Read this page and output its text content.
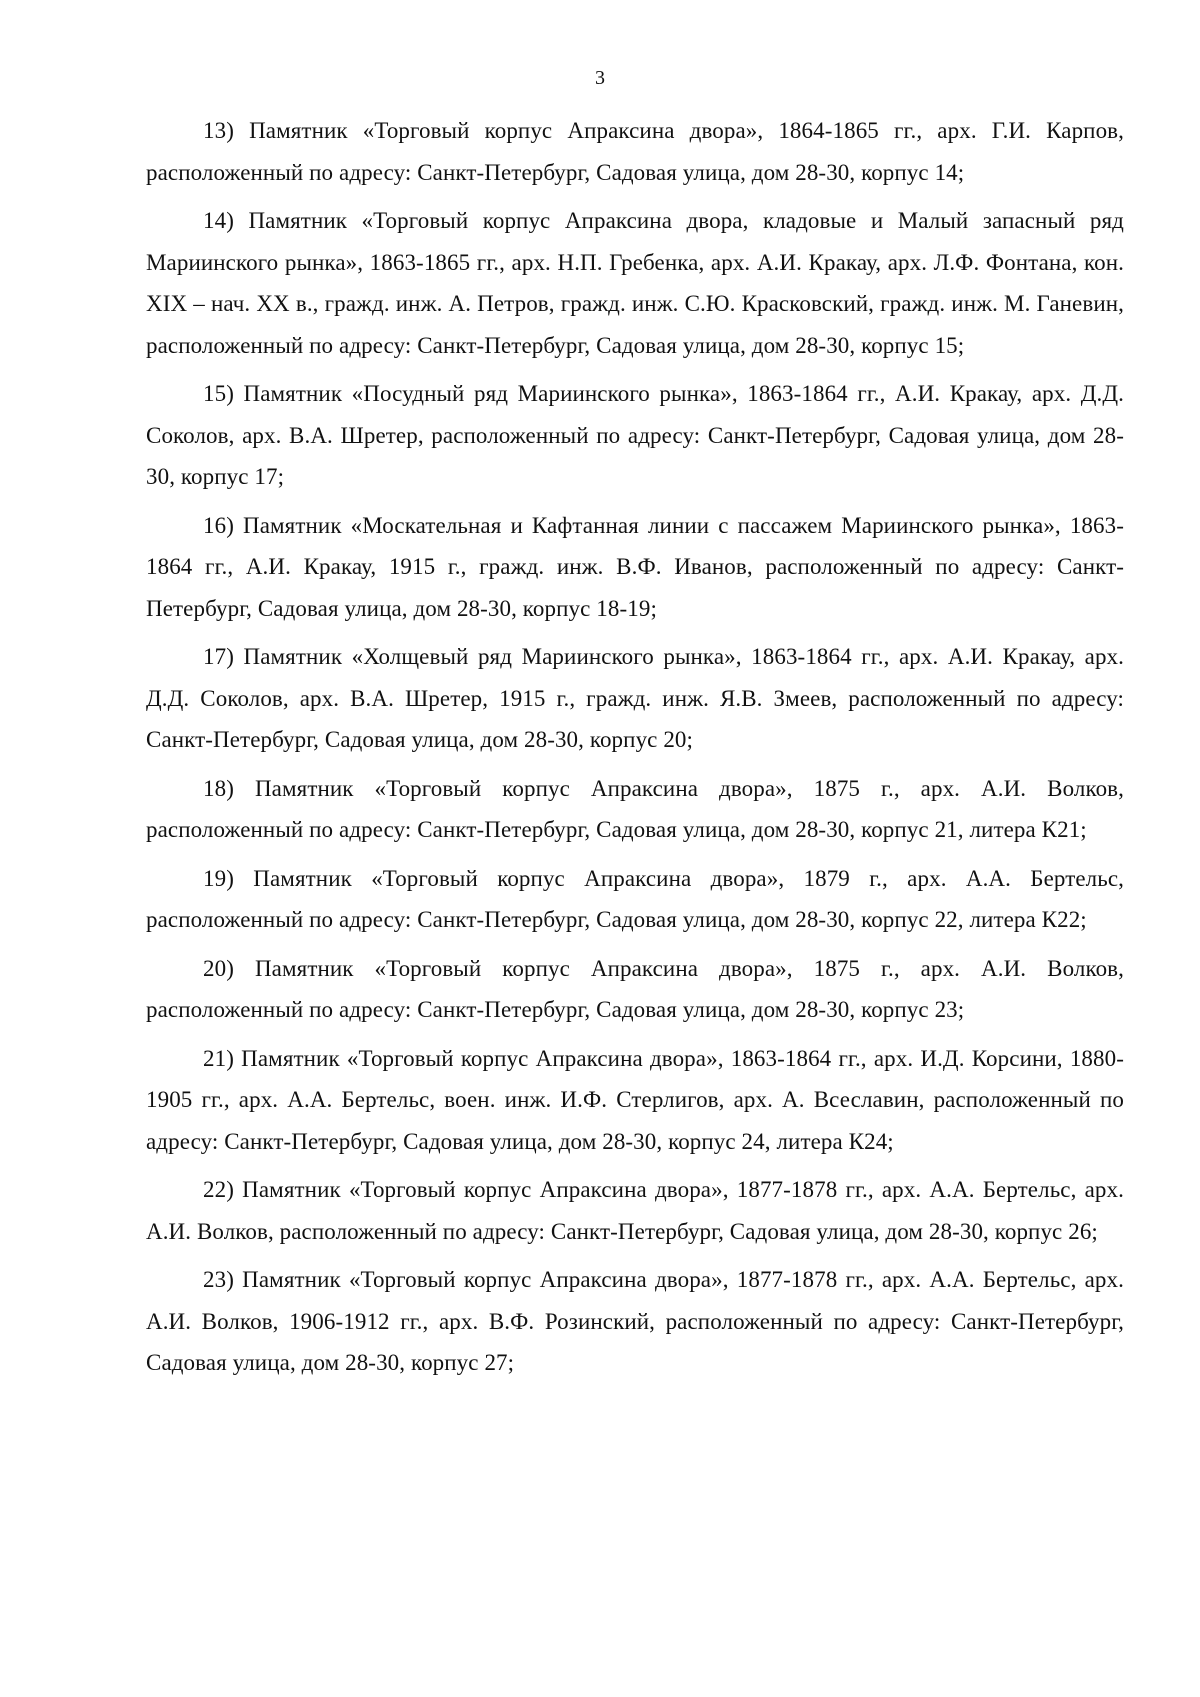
3

13) Памятник «Торговый корпус Апраксина двора», 1864-1865 гг., арх. Г.И. Карпов, расположенный по адресу: Санкт-Петербург, Садовая улица, дом 28-30, корпус 14;

14) Памятник «Торговый корпус Апраксина двора, кладовые и Малый запасный ряд Мариинского рынка», 1863-1865 гг., арх. Н.П. Гребенка, арх. А.И. Кракау, арх. Л.Ф. Фонтана, кон. XIX – нач. XX в., гражд. инж. А. Петров, гражд. инж. С.Ю. Красковский, гражд. инж. М. Ганевин, расположенный по адресу: Санкт-Петербург, Садовая улица, дом 28-30, корпус 15;

15) Памятник «Посудный ряд Мариинского рынка», 1863-1864 гг., А.И. Кракау, арх. Д.Д. Соколов, арх. В.А. Шретер, расположенный по адресу: Санкт-Петербург, Садовая улица, дом 28-30, корпус 17;

16) Памятник «Москательная и Кафтанная линии с пассажем Мариинского рынка», 1863-1864 гг., А.И. Кракау, 1915 г., гражд. инж. В.Ф. Иванов, расположенный по адресу: Санкт-Петербург, Садовая улица, дом 28-30, корпус 18-19;

17) Памятник «Холщевый ряд Мариинского рынка», 1863-1864 гг., арх. А.И. Кракау, арх. Д.Д. Соколов, арх. В.А. Шретер, 1915 г., гражд. инж. Я.В. Змеев, расположенный по адресу: Санкт-Петербург, Садовая улица, дом 28-30, корпус 20;

18) Памятник «Торговый корпус Апраксина двора», 1875 г., арх. А.И. Волков, расположенный по адресу: Санкт-Петербург, Садовая улица, дом 28-30, корпус 21, литера К21;

19) Памятник «Торговый корпус Апраксина двора», 1879 г., арх. А.А. Бертельс, расположенный по адресу: Санкт-Петербург, Садовая улица, дом 28-30, корпус 22, литера К22;

20) Памятник «Торговый корпус Апраксина двора», 1875 г., арх. А.И. Волков, расположенный по адресу: Санкт-Петербург, Садовая улица, дом 28-30, корпус 23;

21) Памятник «Торговый корпус Апраксина двора», 1863-1864 гг., арх. И.Д. Корсини, 1880-1905 гг., арх. А.А. Бертельс, воен. инж. И.Ф. Стерлигов, арх. А. Всеславин, расположенный по адресу: Санкт-Петербург, Садовая улица, дом 28-30, корпус 24, литера К24;

22) Памятник «Торговый корпус Апраксина двора», 1877-1878 гг., арх. А.А. Бертельс, арх. А.И. Волков, расположенный по адресу: Санкт-Петербург, Садовая улица, дом 28-30, корпус 26;

23) Памятник «Торговый корпус Апраксина двора», 1877-1878 гг., арх. А.А. Бертельс, арх. А.И. Волков, 1906-1912 гг., арх. В.Ф. Розинский, расположенный по адресу: Санкт-Петербург, Садовая улица, дом 28-30, корпус 27;
